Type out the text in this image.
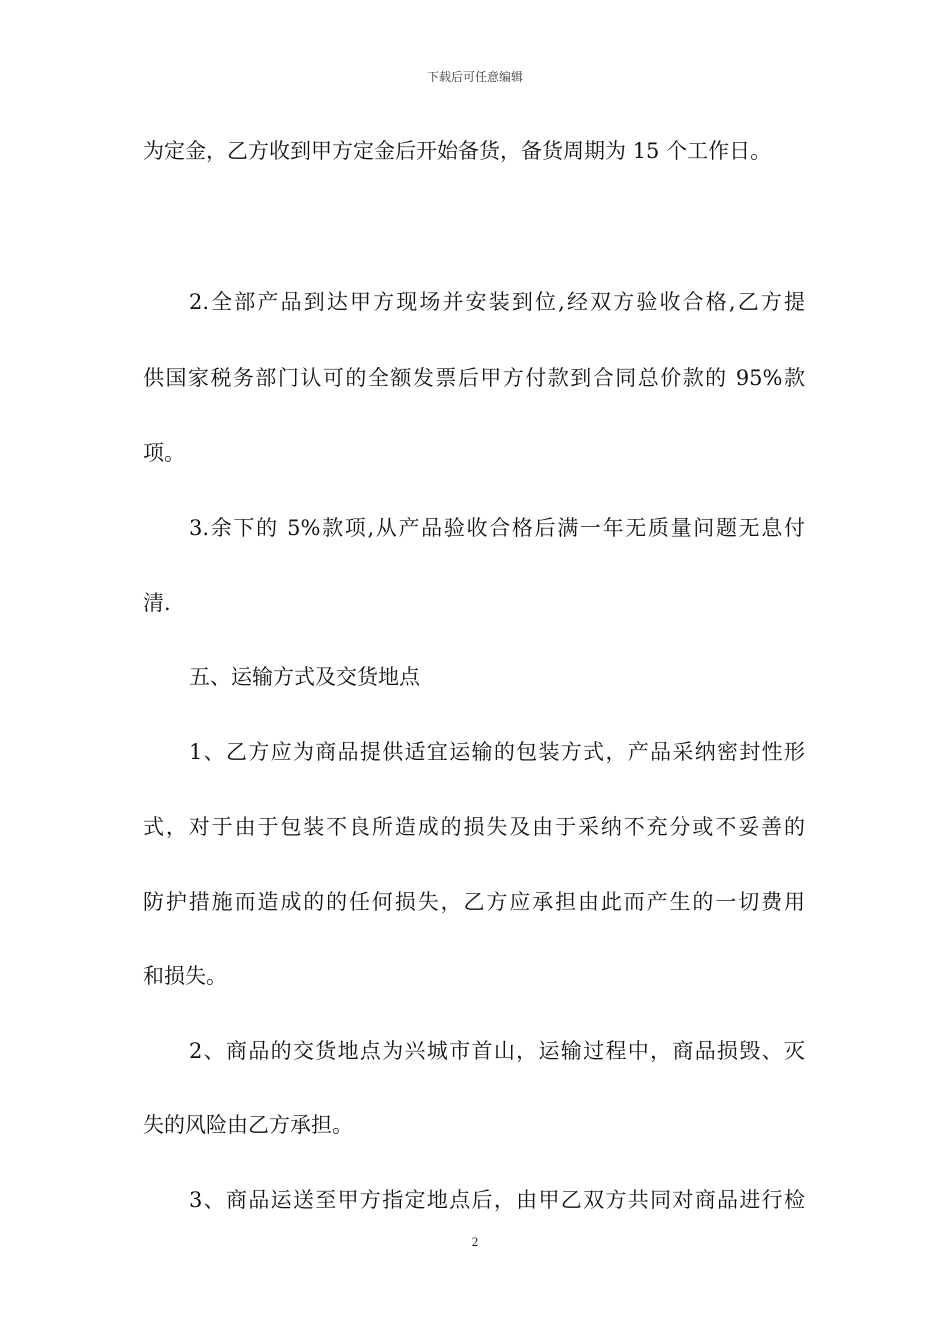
下载后可任意编辑
为定金，乙方收到甲方定金后开始备货，备货周期为 15 个工作日。
2.全部产品到达甲方现场并安装到位,经双方验收合格,乙方提
供国家税务部门认可的全额发票后甲方付款到合同总价款的 95%款
项。
3.余下的 5%款项,从产品验收合格后满一年无质量问题无息付
清.
五、运输方式及交货地点
1、乙方应为商品提供适宜运输的包装方式，产品采纳密封性形
式，对于由于包装不良所造成的损失及由于采纳不充分或不妥善的
防护措施而造成的的任何损失，乙方应承担由此而产生的一切费用
和损失。
2、商品的交货地点为兴城市首山，运输过程中，商品损毁、灭
失的风险由乙方承担。
3、商品运送至甲方指定地点后，由甲乙双方共同对商品进行检
2
